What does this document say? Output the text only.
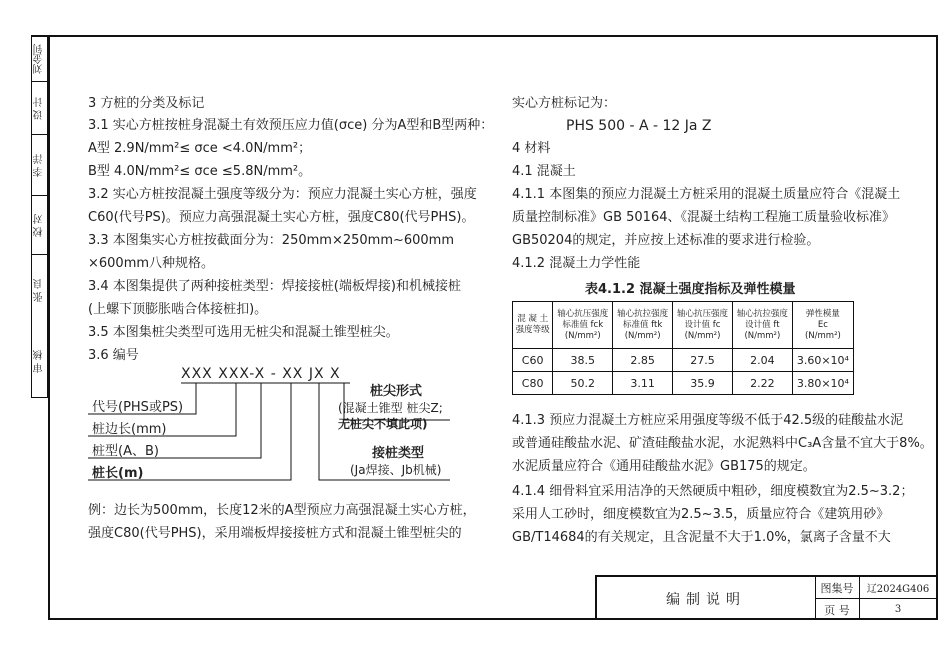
刘金钊
设 计
李 洋
校 对
张 良
审 核
3 方桩的分类及标记
3.1 实心方桩按桩身混凝土有效预压应力值(σce) 分为A型和B型两种：
A型 2.9N/mm²≤ σce <4.0N/mm²；
B型 4.0N/mm²≤ σce ≤5.8N/mm²。
3.2 实心方桩按混凝土强度等级分为：预应力混凝土实心方桩，强度
C60(代号PS)。预应力高强混凝土实心方桩，强度C80(代号PHS)。
3.3 本图集实心方桩按截面分为：250mm×250mm~600mm
×600mm八种规格。
3.4 本图集提供了两种接桩类型：焊接接桩(端板焊接)和机械接桩
(上螺下顶膨胀啮合体接桩扣)。
3.5 本图集桩尖类型可选用无桩尖和混凝土锥型桩尖。
3.6 编号
XXX XXX-X - XX JX X
代号(PHS或PS)
桩边长(mm)
桩型(A、B)
桩长(m)
桩尖形式
(混凝土锥型 桩尖Z;
无桩尖不填此项)
接桩类型
(Ja焊接、Jb机械)
例：边长为500mm，长度12米的A型预应力高强混凝土实心方桩，
强度C80(代号PHS)，采用端板焊接接桩方式和混凝土锥型桩尖的
实心方桩标记为：
PHS 500 - A - 12 Ja Z
4 材料
4.1 混凝土
4.1.1 本图集的预应力混凝土方桩采用的混凝土质量应符合《混凝土
质量控制标准》GB 50164、《混凝土结构工程施工质量验收标准》
GB50204的规定，并应按上述标准的要求进行检验。
4.1.2 混凝土力学性能
表4.1.2 混凝土强度指标及弹性模量
混 凝 土
强度等级	轴心抗压强度
标准值 fck
(N/mm²)	轴心抗拉强度
标准值 ftk
(N/mm²)	轴心抗压强度
设计值 fc
(N/mm²)	轴心抗拉强度
设计值 ft
(N/mm²)	弹性模量
Ec
(N/mm²)
C60	38.5	2.85	27.5	2.04	3.60×10⁴
C80	50.2	3.11	35.9	2.22	3.80×10⁴
4.1.3 预应力混凝土方桩应采用强度等级不低于42.5级的硅酸盐水泥
或普通硅酸盐水泥、矿渣硅酸盐水泥，水泥熟料中C₃A含量不宜大于8%。
水泥质量应符合《通用硅酸盐水泥》GB175的规定。
4.1.4 细骨料宜采用洁净的天然硬质中粗砂，细度模数宜为2.5~3.2；
采用人工砂时，细度模数宜为2.5~3.5，质量应符合《建筑用砂》
GB/T14684的有关规定，且含泥量不大于1.0%，氯离子含量不大
编制说明
图集号	辽2024G406
页 号	3
